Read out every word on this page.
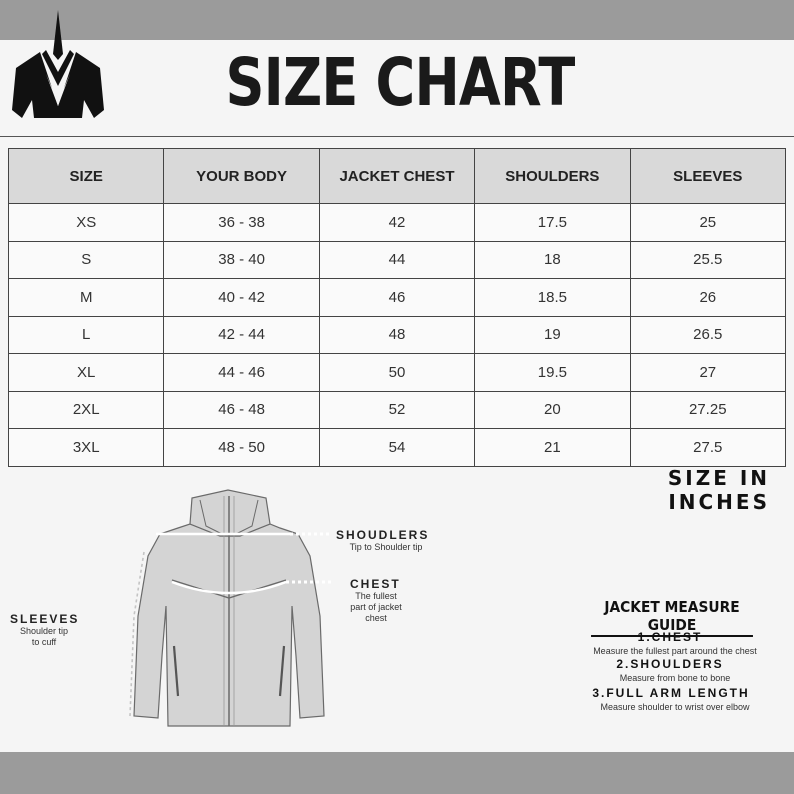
SIZE CHART
SIZE	YOUR BODY	JACKET CHEST	SHOULDERS	SLEEVES
XS	36 - 38	42	17.5	25
S	38 - 40	44	18	25.5
M	40 - 42	46	18.5	26
L	42 - 44	48	19	26.5
XL	44 - 46	50	19.5	27
2XL	46 - 48	52	20	27.25
3XL	48 - 50	54	21	27.5
SIZE IN INCHES
SHOUDLERS
Tip to Shoulder tip
CHEST
The fullest
part of jacket
chest
SLEEVES
Shoulder tip
to cuff
JACKET MEASURE GUIDE
1.CHEST
Measure the fullest part around the chest
2.SHOULDERS
Measure from bone to bone
3.FULL ARM LENGTH
Measure shoulder to wrist over elbow
